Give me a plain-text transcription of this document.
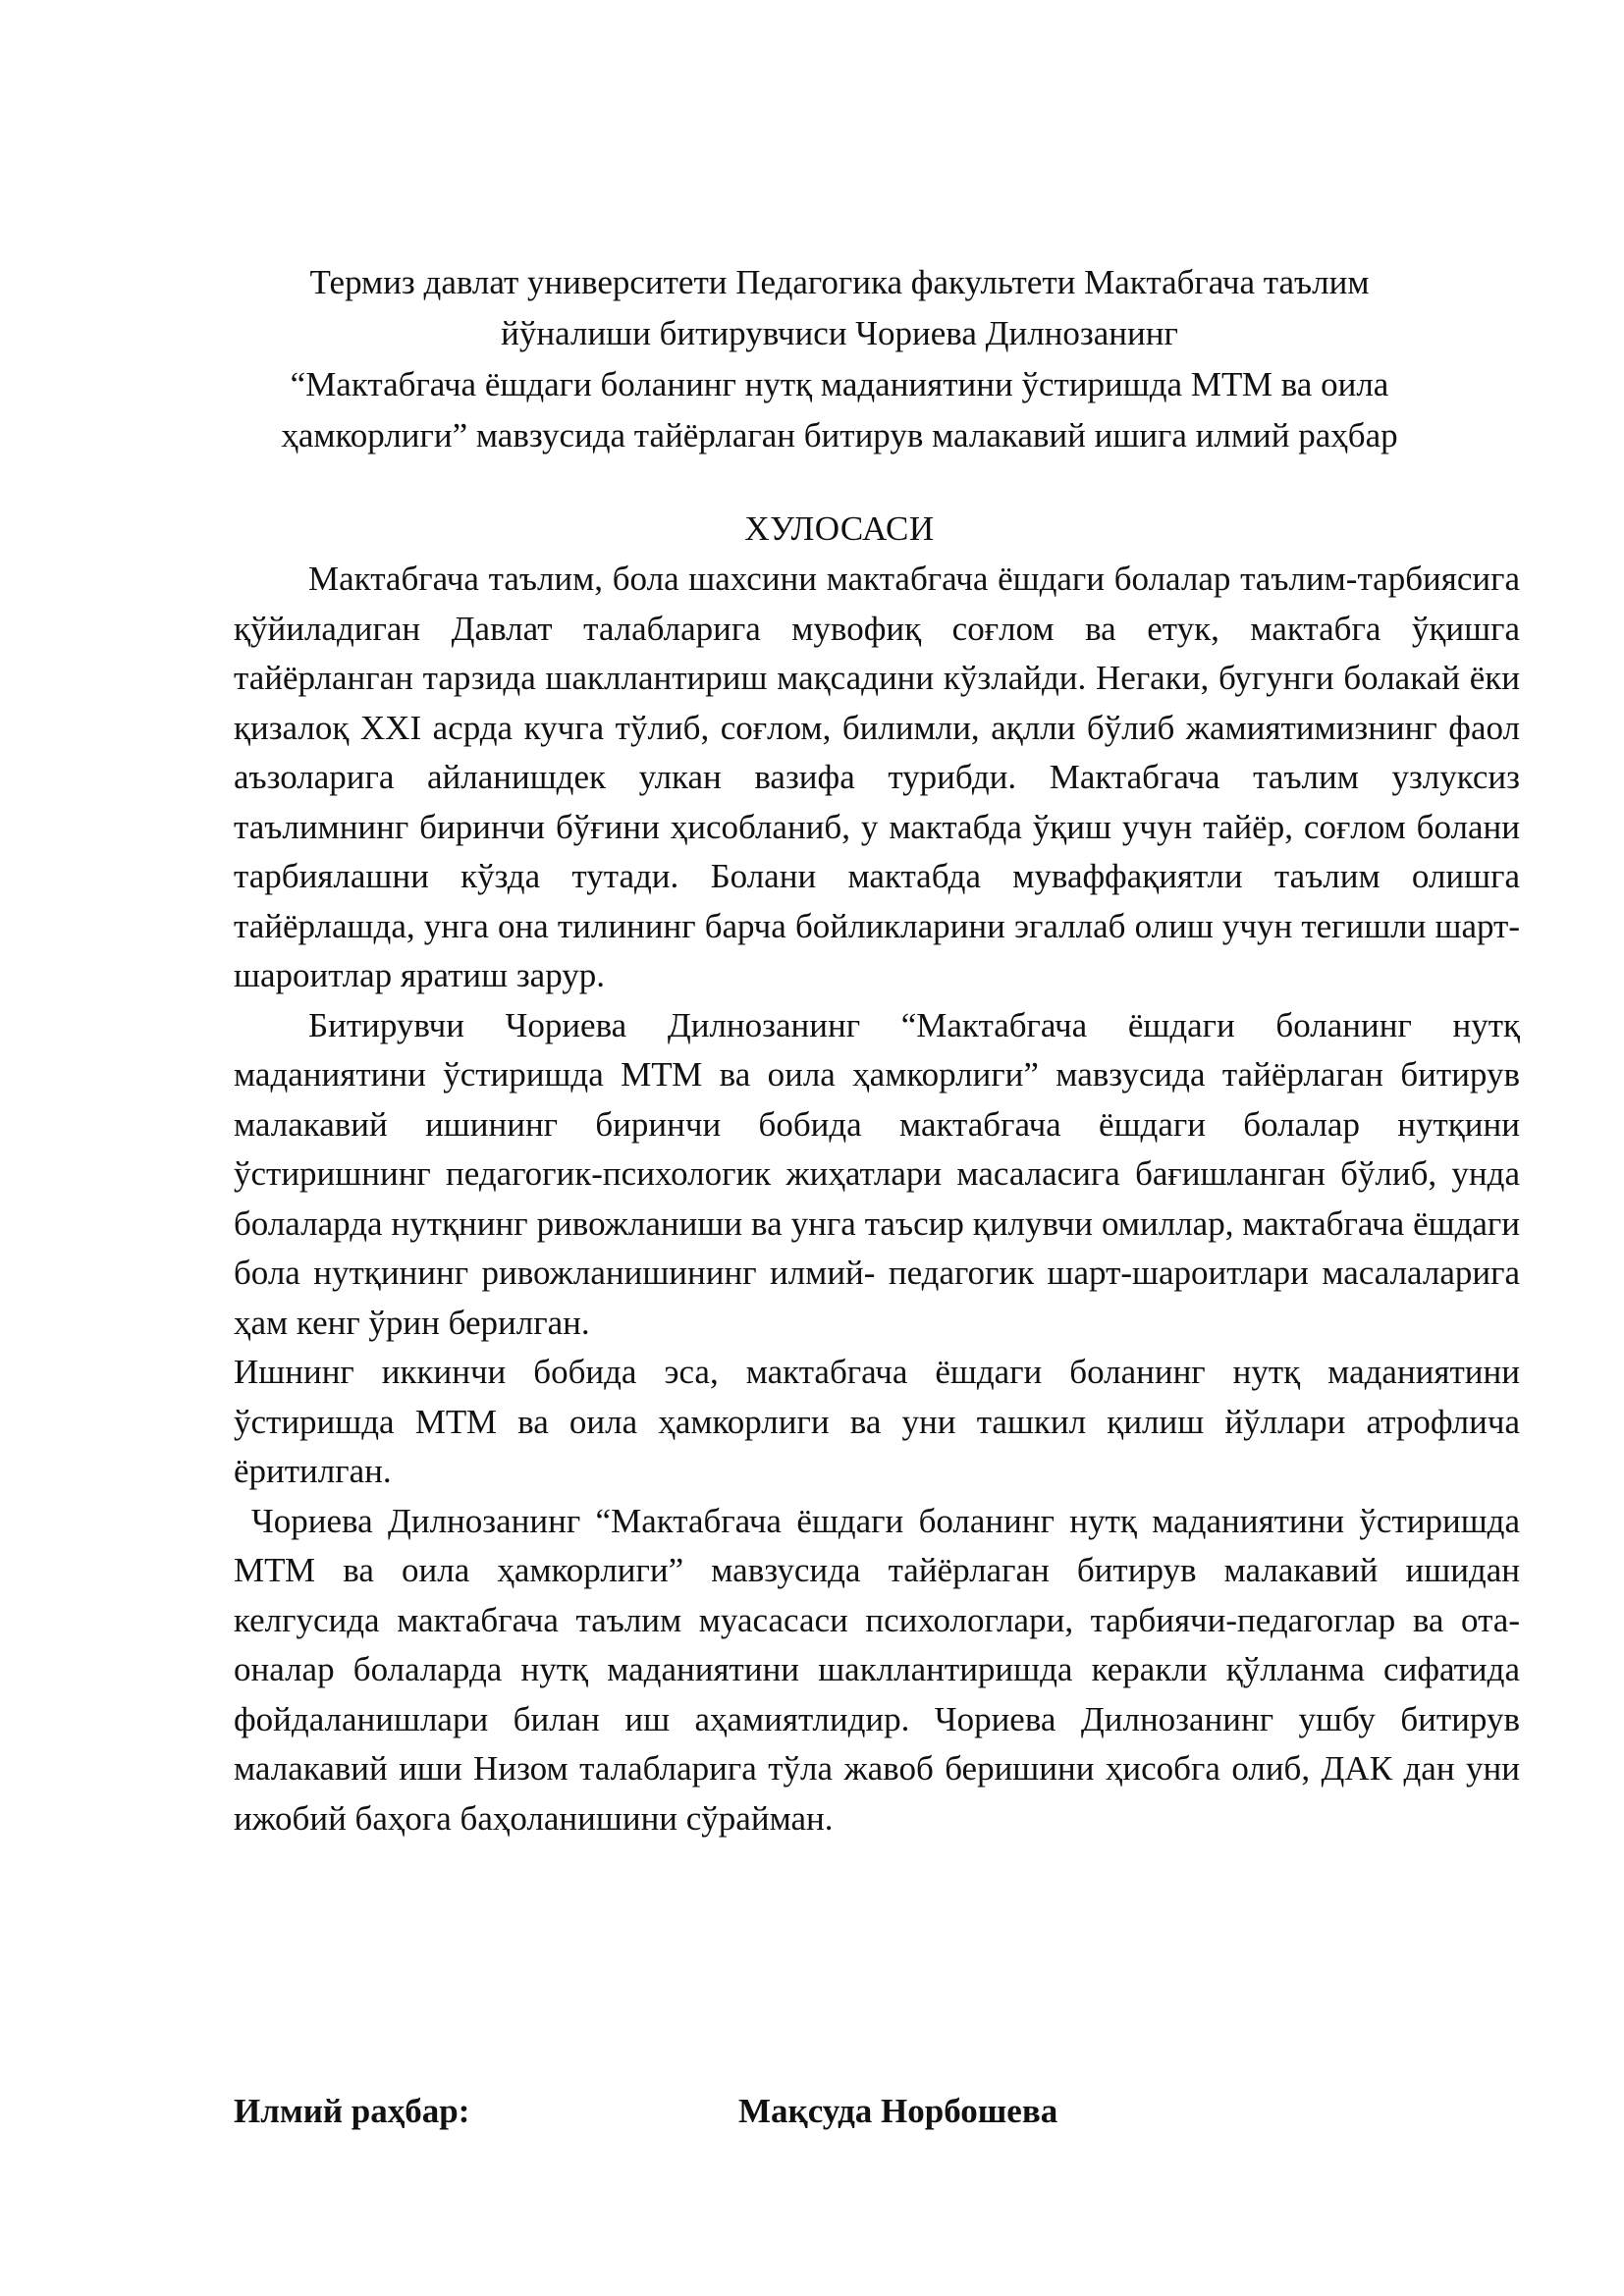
Термиз давлат университети Педагогика факультети Мактабгача таълим
йўналиши битирувчиси Чориева Дилнозанинг
“Мактабгача ёшдаги боланинг нутқ маданиятини ўстиришда МТМ ва оила
ҳамкорлиги” мавзусида тайёрлаган битирув малакавий ишига илмий раҳбар
ХУЛОСАСИ

Мактабгача таълим, бола шахсини мактабгача ёшдаги болалар таълим-тарбиясига қўйиладиган Давлат талабларига мувофиқ соғлом ва етук, мактабга ўқишга тайёрланган тарзида шакллантириш мақсадини кўзлайди. Негаки, бугунги болакай ёки қизалоқ XXI асрда кучга тўлиб, соғлом, билимли, ақлли бўлиб жамиятимизнинг фаол аъзоларига айланишдек улкан вазифа турибди. Мактабгача таълим узлуксиз таълимнинг биринчи бўғини ҳисобланиб, у мактабда ўқиш учун тайёр, соғлом болани тарбиялашни кўзда тутади. Болани мактабда муваффақиятли таълим олишга тайёрлашда, унга она тилининг барча бойликларини эгаллаб олиш учун тегишли шарт-шароитлар яратиш зарур.

Битирувчи Чориева Дилнозанинг “Мактабгача ёшдаги боланинг нутқ маданиятини ўстиришда МТМ ва оила ҳамкорлиги” мавзусида тайёрлаган битирув малакавий ишининг биринчи бобида мактабгача ёшдаги болалар нутқини ўстиришнинг педагогик-психологик жиҳатлари масаласига бағишланган бўлиб, унда болаларда нутқнинг ривожланиши ва унга таъсир қилувчи омиллар, мактабгача ёшдаги бола нутқининг ривожланишининг илмий- педагогик шарт-шароитлари масалаларига ҳам кенг ўрин берилган.

Ишнинг иккинчи бобида эса, мактабгача ёшдаги боланинг нутқ маданиятини ўстиришда МТМ ва оила ҳамкорлиги ва уни ташкил қилиш йўллари атрофлича ёритилган.

Чориева Дилнозанинг “Мактабгача ёшдаги боланинг нутқ маданиятини ўстиришда МТМ ва оила ҳамкорлиги” мавзусида тайёрлаган битирув малакавий ишидан келгусида мактабгача таълим муасасаси психологлари, тарбиячи-педагоглар ва ота-оналар болаларда нутқ маданиятини шакллантиришда керакли қўлланма сифатида фойдаланишлари билан иш аҳамиятлидир. Чориева Дилнозанинг ушбу битирув малакавий иши Низом талабларига тўла жавоб беришини ҳисобга олиб, ДАК дан уни ижобий баҳога баҳоланишини сўрайман.

Илмий раҳбар:	Мақсуда Норбошева
